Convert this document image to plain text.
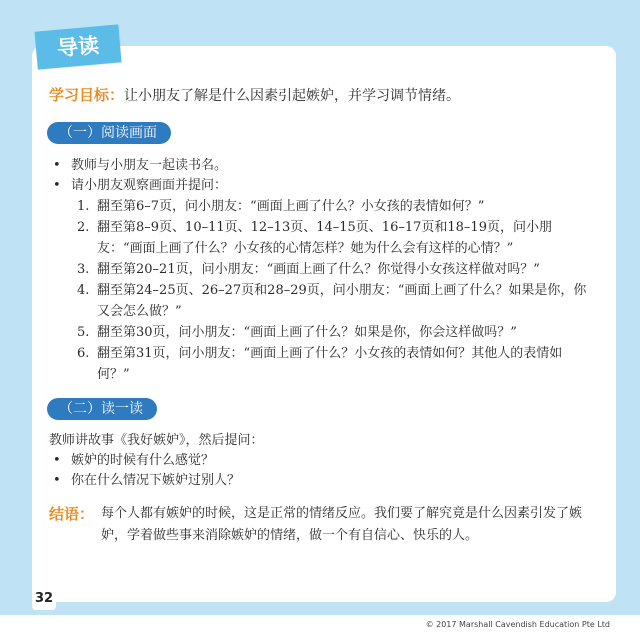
导读
学习目标：让小朋友了解是什么因素引起嫉妒，并学习调节情绪。
（一）阅读画面
• 教师与小朋友一起读书名。
• 请小朋友观察画面并提问：
1. 翻至第6–7页，问小朋友：“画面上画了什么？小女孩的表情如何？”
2. 翻至第8–9页、10–11页、12–13页、14–15页、16–17页和18–19页，问小朋友：“画面上画了什么？小女孩的心情怎样？她为什么会有这样的心情？”
3. 翻至第20–21页，问小朋友：“画面上画了什么？你觉得小女孩这样做对吗？”
4. 翻至第24–25页、26–27页和28–29页，问小朋友：“画面上画了什么？如果是你，你又会怎么做？”
5. 翻至第30页，问小朋友：“画面上画了什么？如果是你，你会这样做吗？”
6. 翻至第31页，问小朋友：“画面上画了什么？小女孩的表情如何？其他人的表情如何？”
（二）读一读
教师讲故事《我好嫉妒》，然后提问：
• 嫉妒的时候有什么感觉？
• 你在什么情况下嫉妒过别人？
结语： 每个人都有嫉妒的时候，这是正常的情绪反应。我们要了解究竟是什么因素引发了嫉妒，学着做些事来消除嫉妒的情绪，做一个有自信心、快乐的人。
32
© 2017 Marshall Cavendish Education Pte Ltd
